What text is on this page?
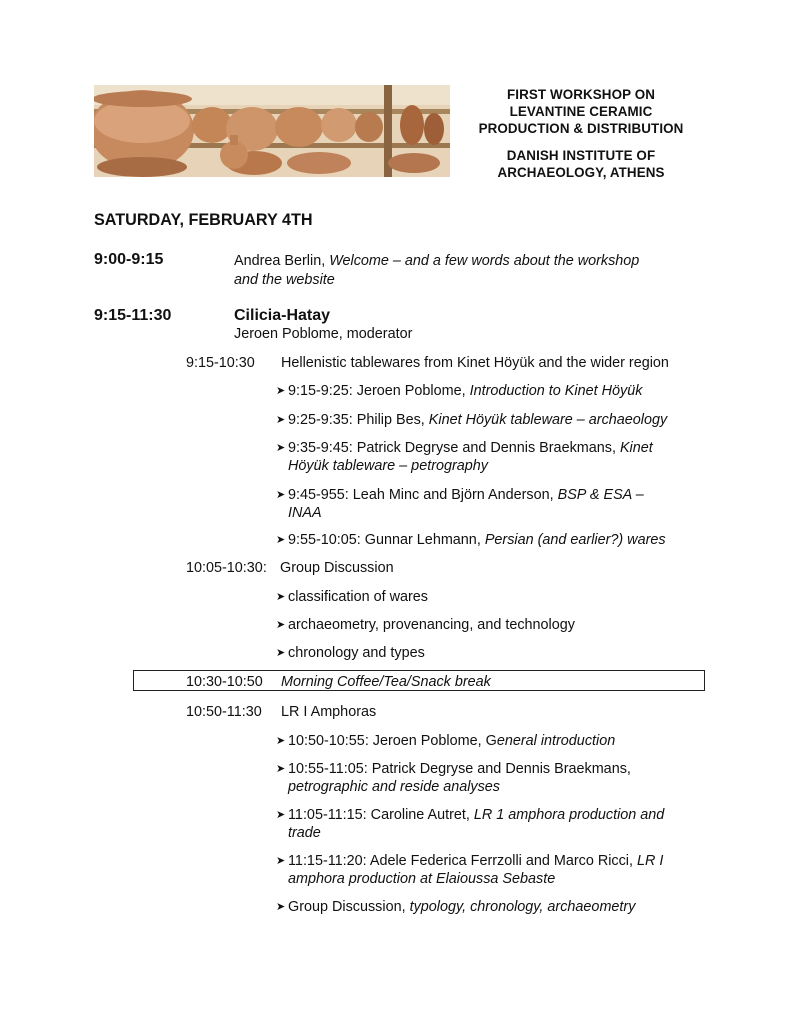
FIRST WORKSHOP ON
LEVANTINE CERAMIC
PRODUCTION & DISTRIBUTION
DANISH INSTITUTE OF
ARCHAEOLOGY, ATHENS
SATURDAY, FEBRUARY 4TH
9:00-9:15	Andrea Berlin, Welcome – and a few words about the workshop
and the website
9:15-11:30	Cilicia-Hatay
Jeroen Poblome, moderator
9:15-10:30 Hellenistic tablewares from Kinet Höyük and the wider region
➤ 9:15-9:25: Jeroen Poblome, Introduction to Kinet Höyük
➤ 9:25-9:35: Philip Bes, Kinet Höyük tableware – archaeology
➤ 9:35-9:45: Patrick Degryse and Dennis Braekmans, Kinet
Höyük tableware – petrography
➤ 9:45-955: Leah Minc and Björn Anderson, BSP & ESA –
INAA
➤ 9:55-10:05: Gunnar Lehmann, Persian (and earlier?) wares
10:05-10:30: Group Discussion
➤ classification of wares
➤ archaeometry, provenancing, and technology
➤ chronology and types
10:30-10:50 Morning Coffee/Tea/Snack break
10:50-11:30 LR I Amphoras
➤ 10:50-10:55: Jeroen Poblome, General introduction
➤ 10:55-11:05: Patrick Degryse and Dennis Braekmans,
petrographic and reside analyses
➤ 11:05-11:15: Caroline Autret, LR 1 amphora production and
trade
➤ 11:15-11:20: Adele Federica Ferrzolli and Marco Ricci, LR I
amphora production at Elaioussa Sebaste
➤ Group Discussion, typology, chronology, archaeometry
